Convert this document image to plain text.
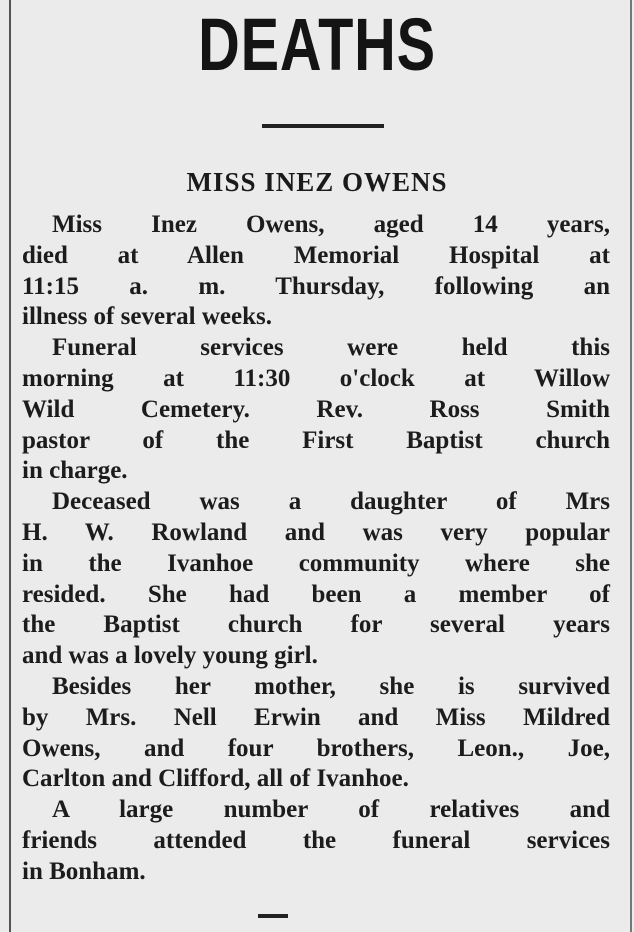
DEATHS
MISS INEZ OWENS
Miss Inez Owens, aged 14 years,
died at Allen Memorial Hospital at
11:15 a. m. Thursday, following an
illness of several weeks.
Funeral services were held this
morning at 11:30 o'clock at Willow
Wild Cemetery. Rev. Ross Smith
pastor of the First Baptist church
in charge.
Deceased was a daughter of Mrs
H. W. Rowland and was very popular
in the Ivanhoe community where she
resided. She had been a member of
the Baptist church for several years
and was a lovely young girl.
Besides her mother, she is survived
by Mrs. Nell Erwin and Miss Mildred
Owens, and four brothers, Leon., Joe,
Carlton and Clifford, all of Ivanhoe.
A large number of relatives and
friends attended the funeral services
in Bonham.
